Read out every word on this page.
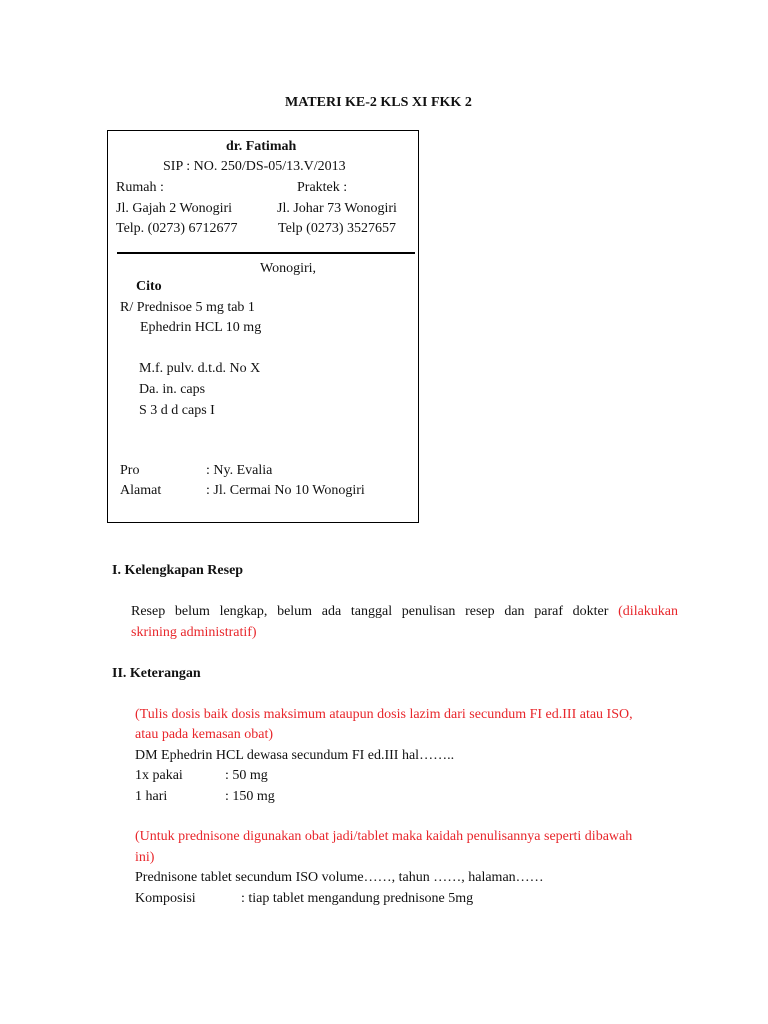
MATERI KE-2 KLS XI FKK 2
dr. Fatimah
SIP : NO. 250/DS-05/13.V/2013
Rumah :	Praktek :
Jl. Gajah 2 Wonogiri	Jl. Johar 73 Wonogiri
Telp. (0273) 6712677	Telp (0273) 3527657
Wonogiri,
Cito
R/ Prednisoe 5 mg tab 1
Ephedrin HCL 10 mg
M.f. pulv. d.t.d. No X
Da. in. caps
S 3 d d caps I
Pro	: Ny. Evalia
Alamat	: Jl. Cermai No 10 Wonogiri
I. Kelengkapan Resep
Resep belum lengkap, belum ada tanggal penulisan resep dan paraf dokter (dilakukan
skrining administratif)
II. Keterangan
(Tulis dosis baik dosis maksimum ataupun dosis lazim dari secundum FI ed.III atau ISO,
atau pada kemasan obat)
DM Ephedrin HCL dewasa secundum FI ed.III hal……..
1x pakai	: 50 mg
1 hari	: 150 mg
(Untuk prednisone digunakan obat jadi/tablet maka kaidah penulisannya seperti dibawah
ini)
Prednisone tablet secundum ISO volume……, tahun ……, halaman……
Komposisi	: tiap tablet mengandung prednisone 5mg
